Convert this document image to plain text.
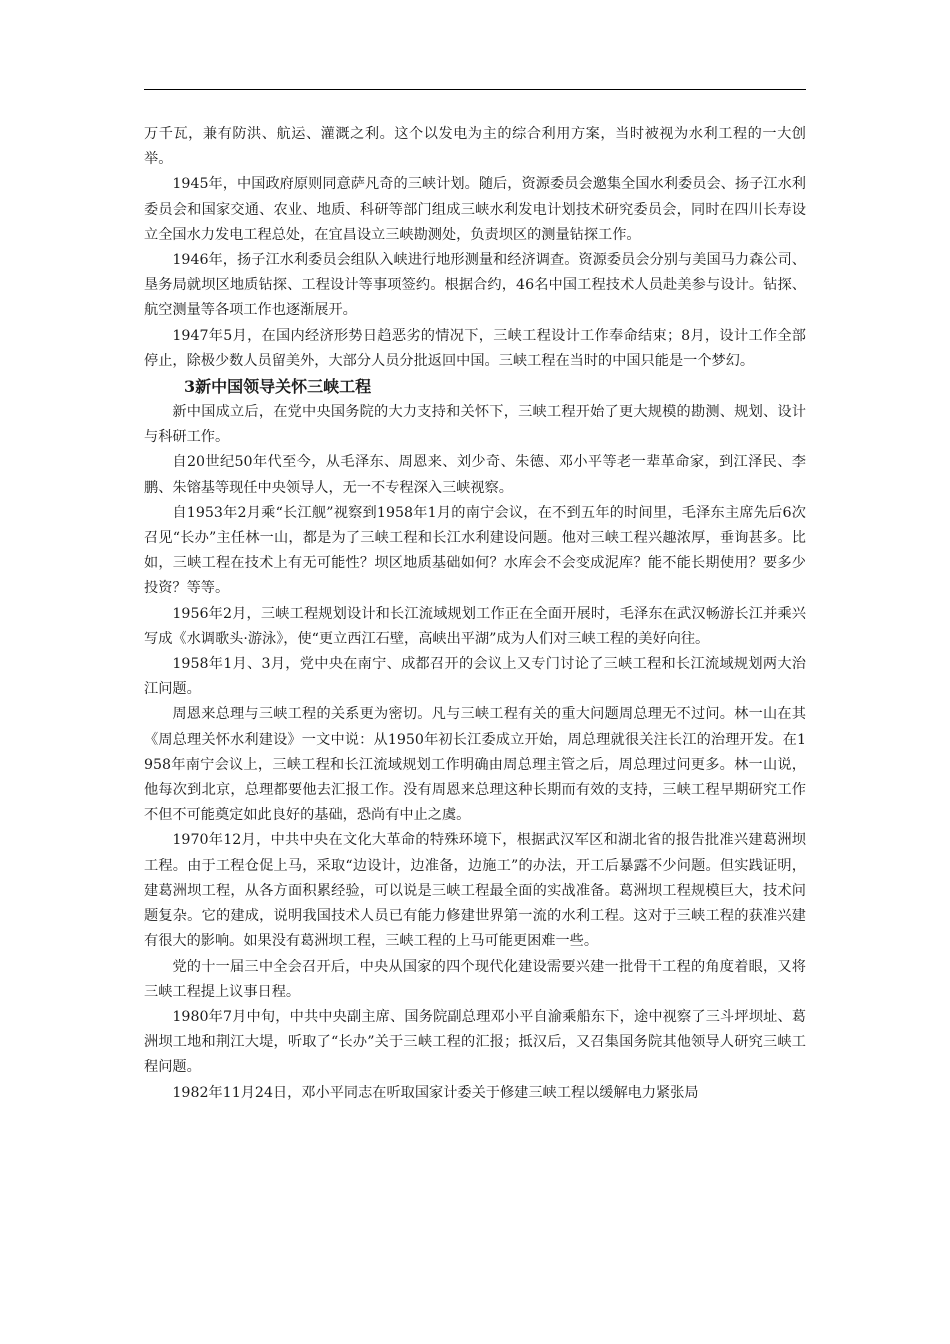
万千瓦，兼有防洪、航运、灌溉之利。这个以发电为主的综合利用方案，当时被视为水利工程的一大创举。

1945年，中国政府原则同意萨凡奇的三峡计划。随后，资源委员会邀集全国水利委员会、扬子江水利委员会和国家交通、农业、地质、科研等部门组成三峡水利发电计划技术研究委员会，同时在四川长寿设立全国水力发电工程总处，在宜昌设立三峡勘测处，负责坝区的测量钻探工作。

1946年，扬子江水利委员会组队入峡进行地形测量和经济调查。资源委员会分别与美国马力森公司、垦务局就坝区地质钻探、工程设计等事项签约。根据合约，46名中国工程技术人员赴美参与设计。钻探、航空测量等各项工作也逐渐展开。

1947年5月，在国内经济形势日趋恶劣的情况下，三峡工程设计工作奉命结束；8月，设计工作全部停止，除极少数人员留美外，大部分人员分批返回中国。三峡工程在当时的中国只能是一个梦幻。

3新中国领导关怀三峡工程

新中国成立后，在党中央国务院的大力支持和关怀下，三峡工程开始了更大规模的勘测、规划、设计与科研工作。

自20世纪50年代至今，从毛泽东、周恩来、刘少奇、朱德、邓小平等老一辈革命家，到江泽民、李鹏、朱镕基等现任中央领导人，无一不专程深入三峡视察。

自1953年2月乘“长江舰”视察到1958年1月的南宁会议，在不到五年的时间里，毛泽东主席先后6次召见“长办”主任林一山，都是为了三峡工程和长江水利建设问题。他对三峡工程兴趣浓厚，垂询甚多。比如，三峡工程在技术上有无可能性？坝区地质基础如何？水库会不会变成泥库？能不能长期使用？要多少投资？等等。

1956年2月，三峡工程规划设计和长江流域规划工作正在全面开展时，毛泽东在武汉畅游长江并乘兴写成《水调歌头·游泳》，使“更立西江石壁，高峡出平湖”成为人们对三峡工程的美好向往。

1958年1月、3月，党中央在南宁、成都召开的会议上又专门讨论了三峡工程和长江流域规划两大治江问题。

周恩来总理与三峡工程的关系更为密切。凡与三峡工程有关的重大问题周总理无不过问。林一山在其《周总理关怀水利建设》一文中说：从1950年初长江委成立开始，周总理就很关注长江的治理开发。在1958年南宁会议上，三峡工程和长江流域规划工作明确由周总理主管之后，周总理过问更多。林一山说，他每次到北京，总理都要他去汇报工作。没有周恩来总理这种长期而有效的支持，三峡工程早期研究工作不但不可能奠定如此良好的基础，恐尚有中止之虞。

1970年12月，中共中央在文化大革命的特殊环境下，根据武汉军区和湖北省的报告批准兴建葛洲坝工程。由于工程仓促上马，采取“边设计，边准备，边施工”的办法，开工后暴露不少问题。但实践证明，建葛洲坝工程，从各方面积累经验，可以说是三峡工程最全面的实战准备。葛洲坝工程规模巨大，技术问题复杂。它的建成，说明我国技术人员已有能力修建世界第一流的水利工程。这对于三峡工程的获准兴建有很大的影响。如果没有葛洲坝工程，三峡工程的上马可能更困难一些。

党的十一届三中全会召开后，中央从国家的四个现代化建设需要兴建一批骨干工程的角度着眼，又将三峡工程提上议事日程。

1980年7月中旬，中共中央副主席、国务院副总理邓小平自渝乘船东下，途中视察了三斗坪坝址、葛洲坝工地和荆江大堤，听取了“长办”关于三峡工程的汇报；抵汉后，又召集国务院其他领导人研究三峡工程问题。

1982年11月24日，邓小平同志在听取国家计委关于修建三峡工程以缓解电力紧张局
